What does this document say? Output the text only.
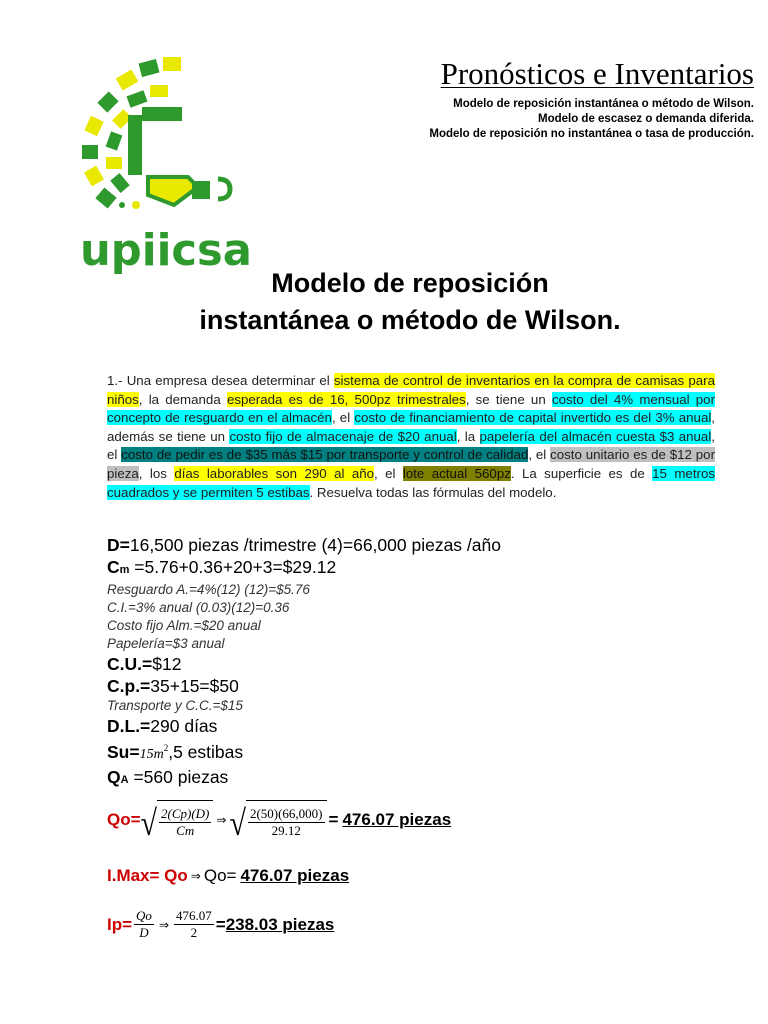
upiicsa
Pronósticos e Inventarios
Modelo de reposición instantánea o método de Wilson.
Modelo de escasez o demanda diferida.
Modelo de reposición no instantánea o tasa de producción.
Modelo de reposición
instantánea o método de Wilson.
1.- Una empresa desea determinar el sistema de control de inventarios en la compra de camisas para niños, la demanda esperada es de 16, 500pz trimestrales, se tiene un costo del 4% mensual por concepto de resguardo en el almacén, el costo de financiamiento de capital invertido es del 3% anual, además se tiene un costo fijo de almacenaje de $20 anual, la papelería del almacén cuesta $3 anual, el costo de pedir es de $35 más $15 por transporte y control de calidad, el costo unitario es de $12 por pieza, los días laborables son 290 al año, el lote actual 560pz. La superficie es de 15 metros cuadrados y se permiten 5 estibas. Resuelva todas las fórmulas del modelo.
D=16,500 piezas /trimestre (4)=66,000 piezas /año
Cm =5.76+0.36+20+3=$29.12
Resguardo A.=4%(12) (12)=$5.76
C.I.=3% anual (0.03)(12)=0.36
Costo fijo Alm.=$20 anual
Papelería=$3 anual
C.U.=$12
C.p.=35+15=$50
Transporte y C.C.=$15
D.L.=290 días
$Su=15m^2,5$ estibas
QA =560 piezas
Qo= √ $\frac{2(Cp)(D)}{Cm}$ ⇒ √ $\frac{2(50)(66,000)}{29.12} = 476.07$ piezas
I.Max= Qo ⇒ Qo= 476.07 piezas
$Ip= \frac{Qo}{D}$ ⇒ $\frac{476.07}{2} = 238.03$ piezas
